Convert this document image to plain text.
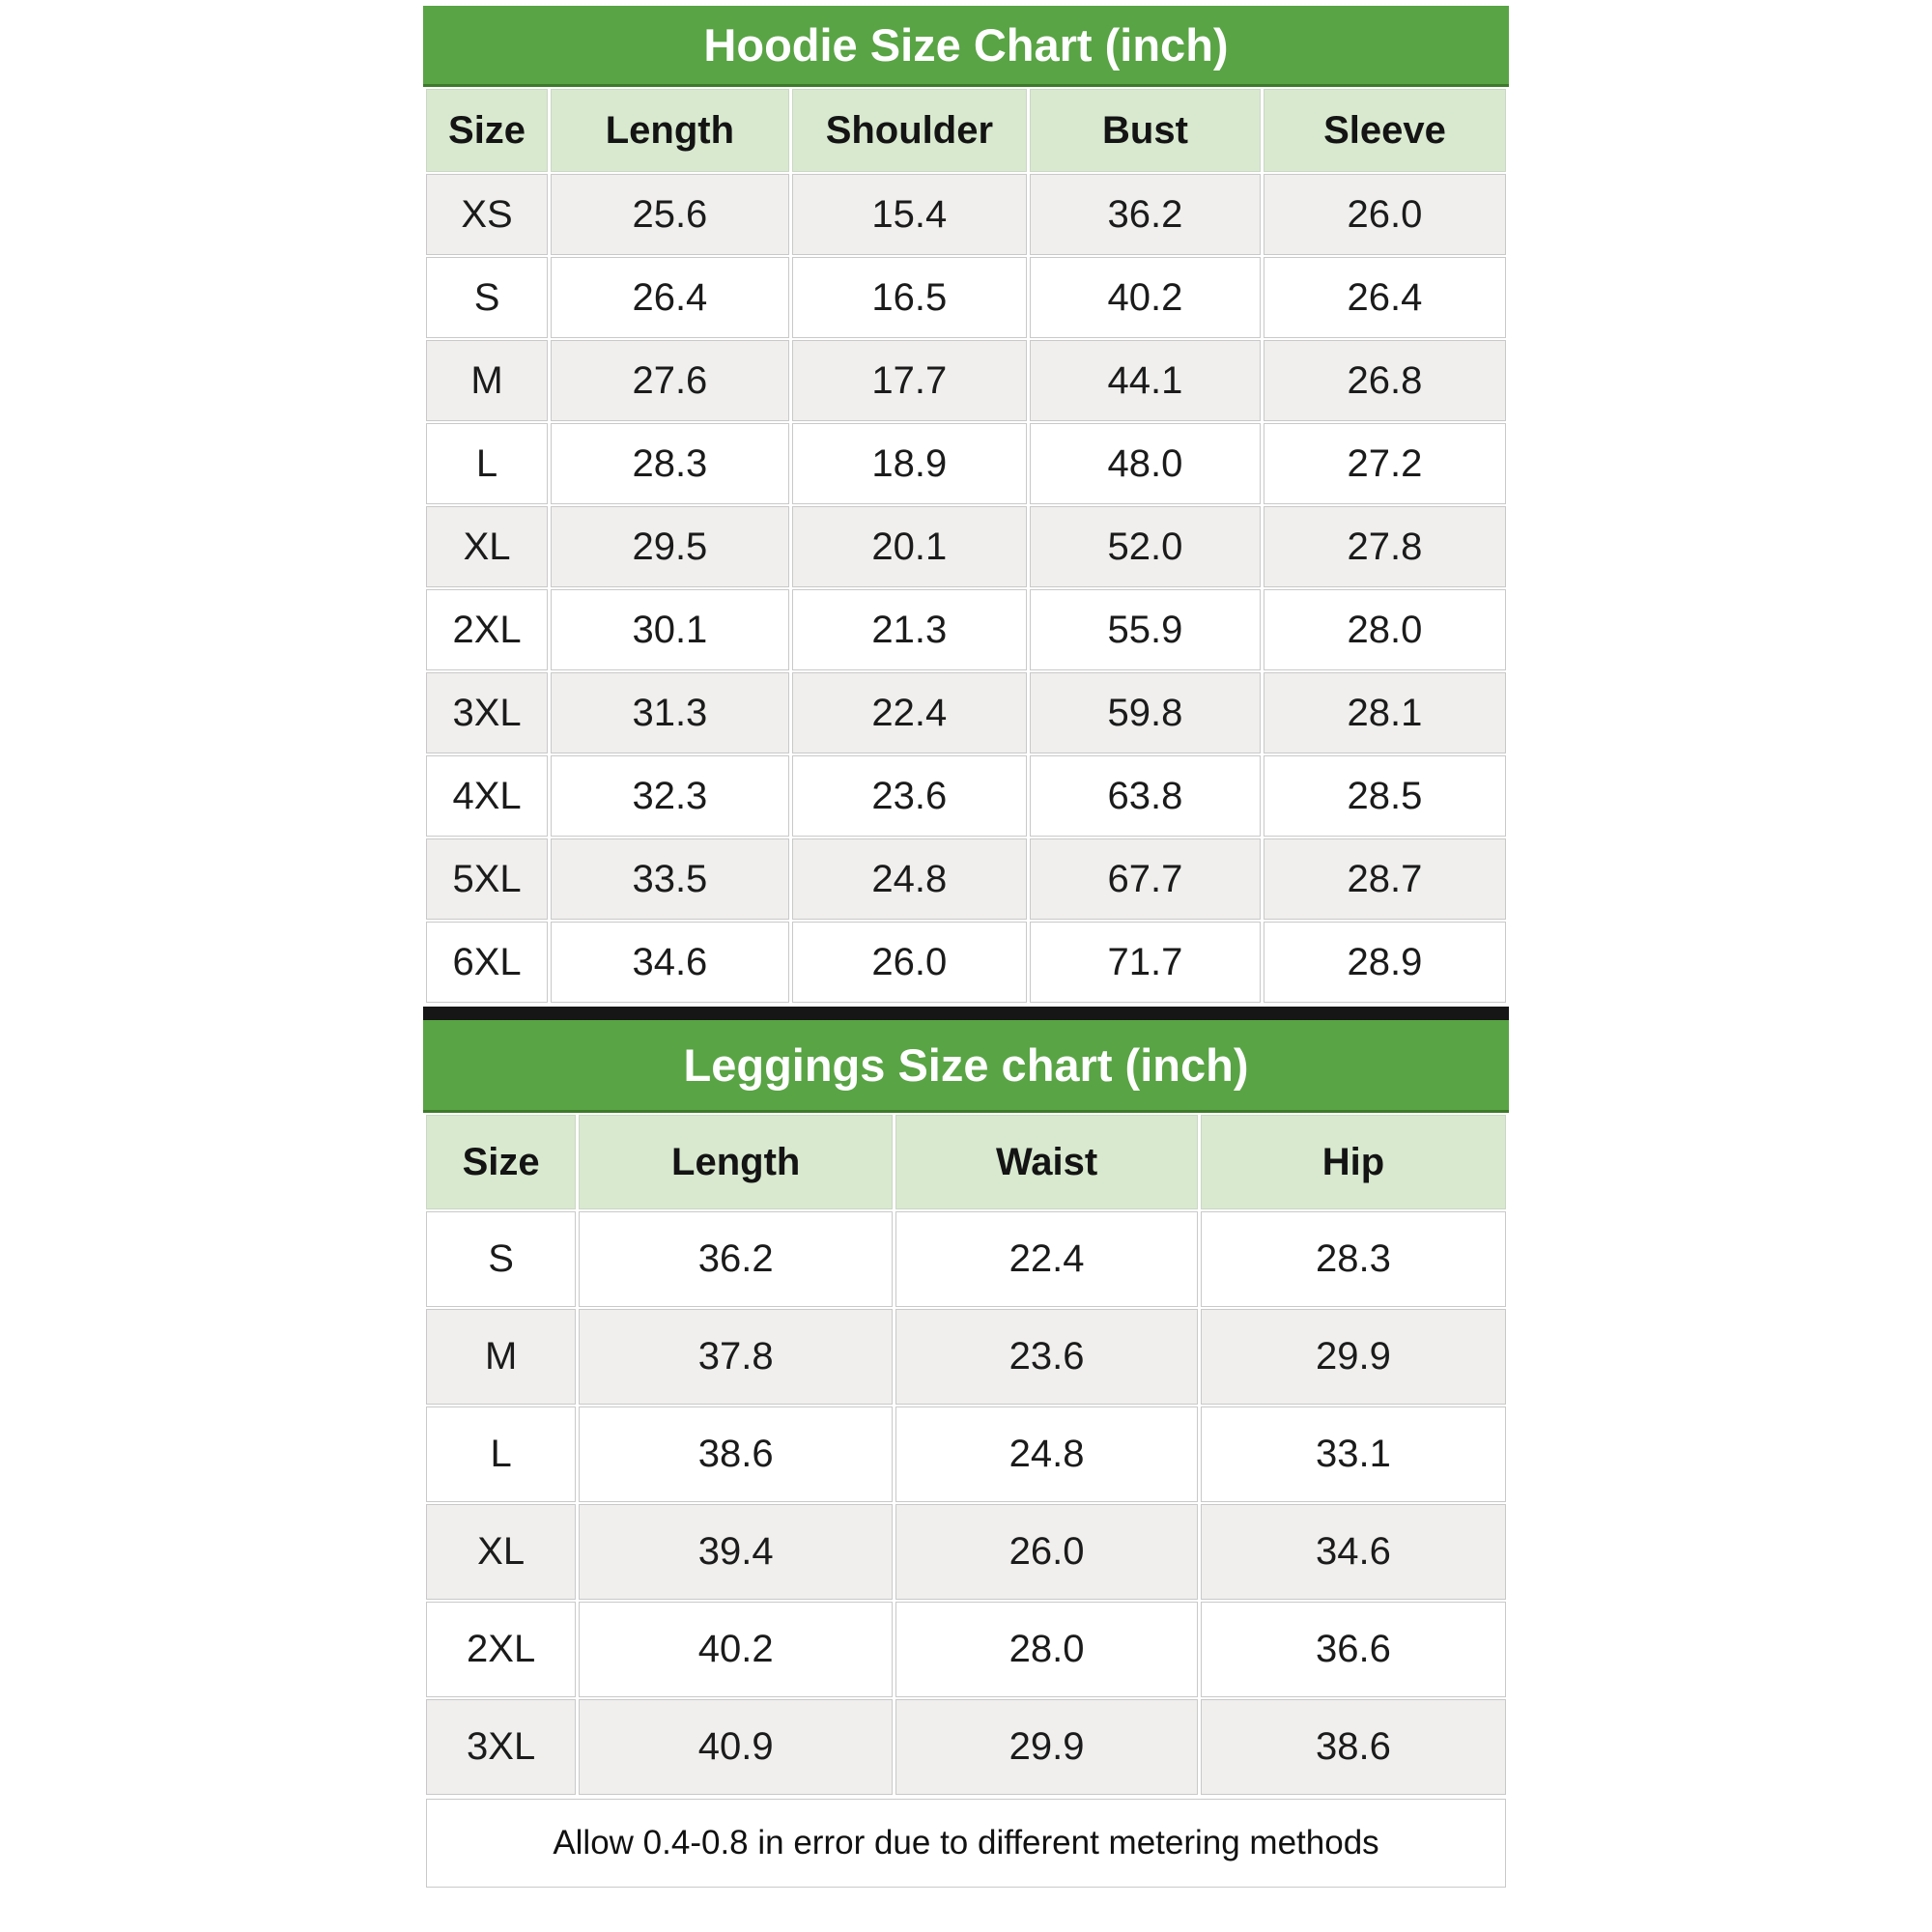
Hoodie Size Chart (inch)
Size	Length	Shoulder	Bust	Sleeve
XS	25.6	15.4	36.2	26.0
S	26.4	16.5	40.2	26.4
M	27.6	17.7	44.1	26.8
L	28.3	18.9	48.0	27.2
XL	29.5	20.1	52.0	27.8
2XL	30.1	21.3	55.9	28.0
3XL	31.3	22.4	59.8	28.1
4XL	32.3	23.6	63.8	28.5
5XL	33.5	24.8	67.7	28.7
6XL	34.6	26.0	71.7	28.9
Leggings Size chart (inch)
Size	Length	Waist	Hip
S	36.2	22.4	28.3
M	37.8	23.6	29.9
L	38.6	24.8	33.1
XL	39.4	26.0	34.6
2XL	40.2	28.0	36.6
3XL	40.9	29.9	38.6
Allow 0.4-0.8 in error due to different metering methods
